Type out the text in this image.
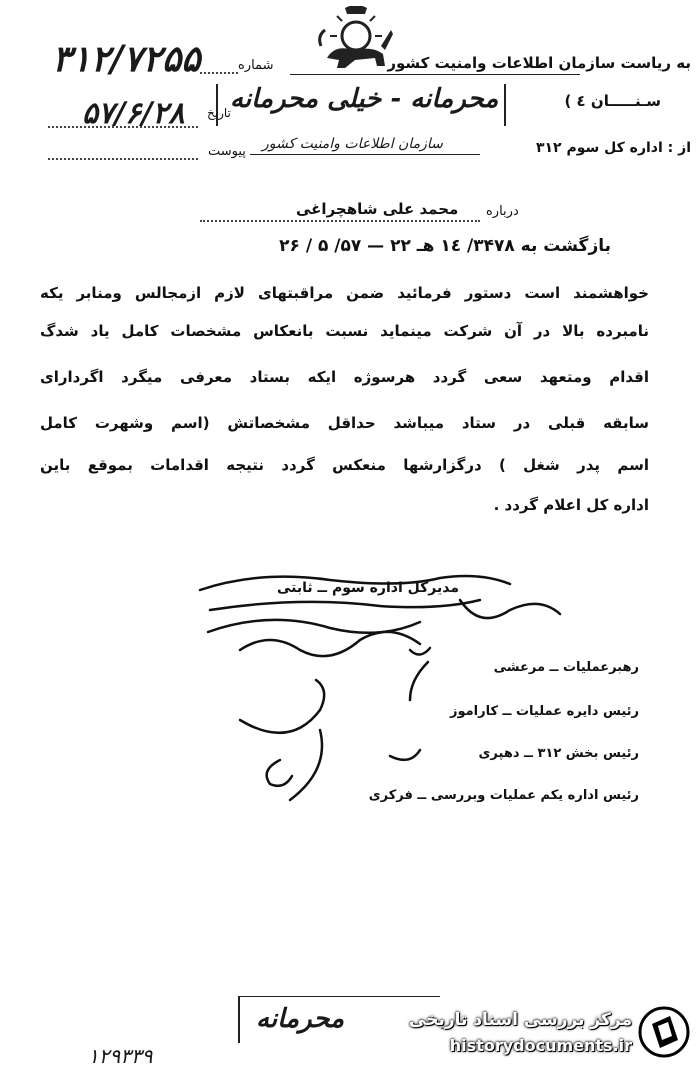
به ریاست سازمان اطلاعات وامنیت کشور
شماره
۳۱۲/۷۲۵۵
سـنـــــان ٤ )
محرمانه - خیلی محرمانه
تاریخ
۵۷/۶/۲۸
از : اداره کل سوم ۳۱۲
سازمان اطلاعات وامنیت کشور
پیوست
درباره
محمد علی شاهچراغی
بازگشت به ۳۴۷۸/ ۱٤ هـ ۲۲ — ۵۷/ ۵ / ۲۶
خواهشمند است دستور فرمائید ضمن مراقبتهای لازم ازمجالس ومنابر یکه
نامبرده بالا در آن شرکت مینماید نسبت بانعکاس مشخصات کامل یاد شدگ
اقدام ومتعهد سعی گردد هرسوژه ایکه بستاد معرفی میگرد اگردارای
سابقه قبلی در ستاد میباشد حداقل مشخصاتش (اسم وشهرت کامل
اسم پدر شغل ) درگزارشها منعکس گردد نتیجه اقدامات بموقع باین
اداره کل اعلام گردد .
مدیرکل اداره سوم ــ ثابتی
رهبرعملیات ــ مرعشی
رئیس دایره عملیات ــ کاراموز
رئیس بخش ۳۱۲ ــ دهپری
رئیس اداره یکم عملیات وبررسی ــ فرکری
محرمانه
۱۲۹۳۳۹
مرکز بررسی اسناد تاریخی
historydocuments.ir
